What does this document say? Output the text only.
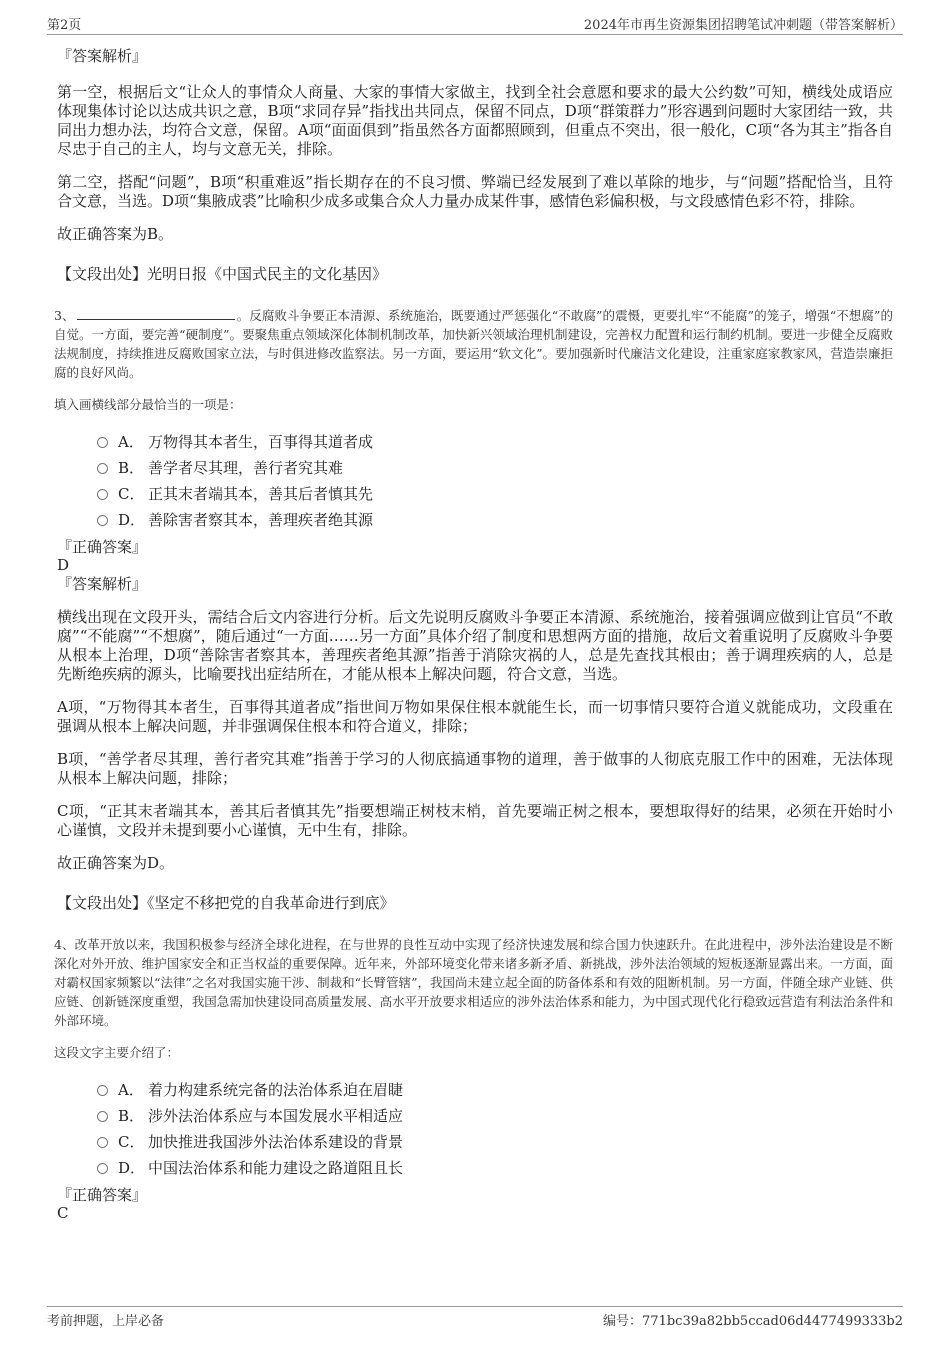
第2页	2024年市再生资源集团招聘笔试冲刺题（带答案解析）
『答案解析』

第一空，根据后文“让众人的事情众人商量、大家的事情大家做主，找到全社会意愿和要求的最大公约数”可知，横线处成语应体现集体讨论以达成共识之意，B项“求同存异”指找出共同点，保留不同点，D项“群策群力”形容遇到问题时大家团结一致，共同出力想办法，均符合文意，保留。A项“面面俱到”指虽然各方面都照顾到，但重点不突出，很一般化，C项“各为其主”指各自尽忠于自己的主人，均与文意无关，排除。

第二空，搭配“问题”，B项“积重难返”指长期存在的不良习惯、弊端已经发展到了难以革除的地步，与“问题”搭配恰当，且符合文意，当选。D项“集腋成裘”比喻积少成多或集合众人力量办成某件事，感情色彩偏积极，与文段感情色彩不符，排除。

故正确答案为B。

【文段出处】光明日报《中国式民主的文化基因》

3、	。反腐败斗争要正本清源、系统施治，既要通过严惩强化“不敢腐”的震慑，更要扎牢“不能腐”的笼子，增强“不想腐”的自觉。一方面，要完善“硬制度”。要聚焦重点领域深化体制机制改革，加快新兴领域治理机制建设，完善权力配置和运行制约机制。要进一步健全反腐败法规制度，持续推进反腐败国家立法，与时俱进修改监察法。另一方面，要运用“软文化”。要加强新时代廉洁文化建设，注重家庭家教家风，营造崇廉拒腐的良好风尚。

填入画横线部分最恰当的一项是：
A． 万物得其本者生，百事得其道者成
B． 善学者尽其理，善行者究其难
C． 正其末者端其本，善其后者慎其先
D． 善除害者察其本，善理疾者绝其源
『正确答案』
D
『答案解析』

横线出现在文段开头，需结合后文内容进行分析。后文先说明反腐败斗争要正本清源、系统施治，接着强调应做到让官员“不敢腐”“不能腐”“不想腐”，随后通过“一方面……另一方面”具体介绍了制度和思想两方面的措施，故后文着重说明了反腐败斗争要从根本上治理，D项“善除害者察其本，善理疾者绝其源”指善于消除灾祸的人，总是先查找其根由；善于调理疾病的人，总是先断绝疾病的源头，比喻要找出症结所在，才能从根本上解决问题，符合文意，当选。

A项，“万物得其本者生，百事得其道者成”指世间万物如果保住根本就能生长，而一切事情只要符合道义就能成功，文段重在强调从根本上解决问题，并非强调保住根本和符合道义，排除；

B项，“善学者尽其理，善行者究其难”指善于学习的人彻底搞通事物的道理，善于做事的人彻底克服工作中的困难，无法体现从根本上解决问题，排除；

C项，“正其末者端其本，善其后者慎其先”指要想端正树枝末梢，首先要端正树之根本，要想取得好的结果，必须在开始时小心谨慎，文段并未提到要小心谨慎，无中生有，排除。

故正确答案为D。

【文段出处】《坚定不移把党的自我革命进行到底》

4、改革开放以来，我国积极参与经济全球化进程，在与世界的良性互动中实现了经济快速发展和综合国力快速跃升。在此进程中，涉外法治建设是不断深化对外开放、维护国家安全和正当权益的重要保障。近年来，外部环境变化带来诸多新矛盾、新挑战，涉外法治领域的短板逐渐显露出来。一方面，面对霸权国家频繁以“法律”之名对我国实施干涉、制裁和“长臂管辖”，我国尚未建立起全面的防备体系和有效的阻断机制。另一方面，伴随全球产业链、供应链、创新链深度重塑，我国急需加快建设同高质量发展、高水平开放要求相适应的涉外法治体系和能力，为中国式现代化行稳致远营造有利法治条件和外部环境。

这段文字主要介绍了：
A． 着力构建系统完备的法治体系迫在眉睫
B． 涉外法治体系应与本国发展水平相适应
C． 加快推进我国涉外法治体系建设的背景
D． 中国法治体系和能力建设之路道阻且长
『正确答案』
C
考前押题，上岸必备	编号：771bc39a82bb5ccad06d4477499333b2
